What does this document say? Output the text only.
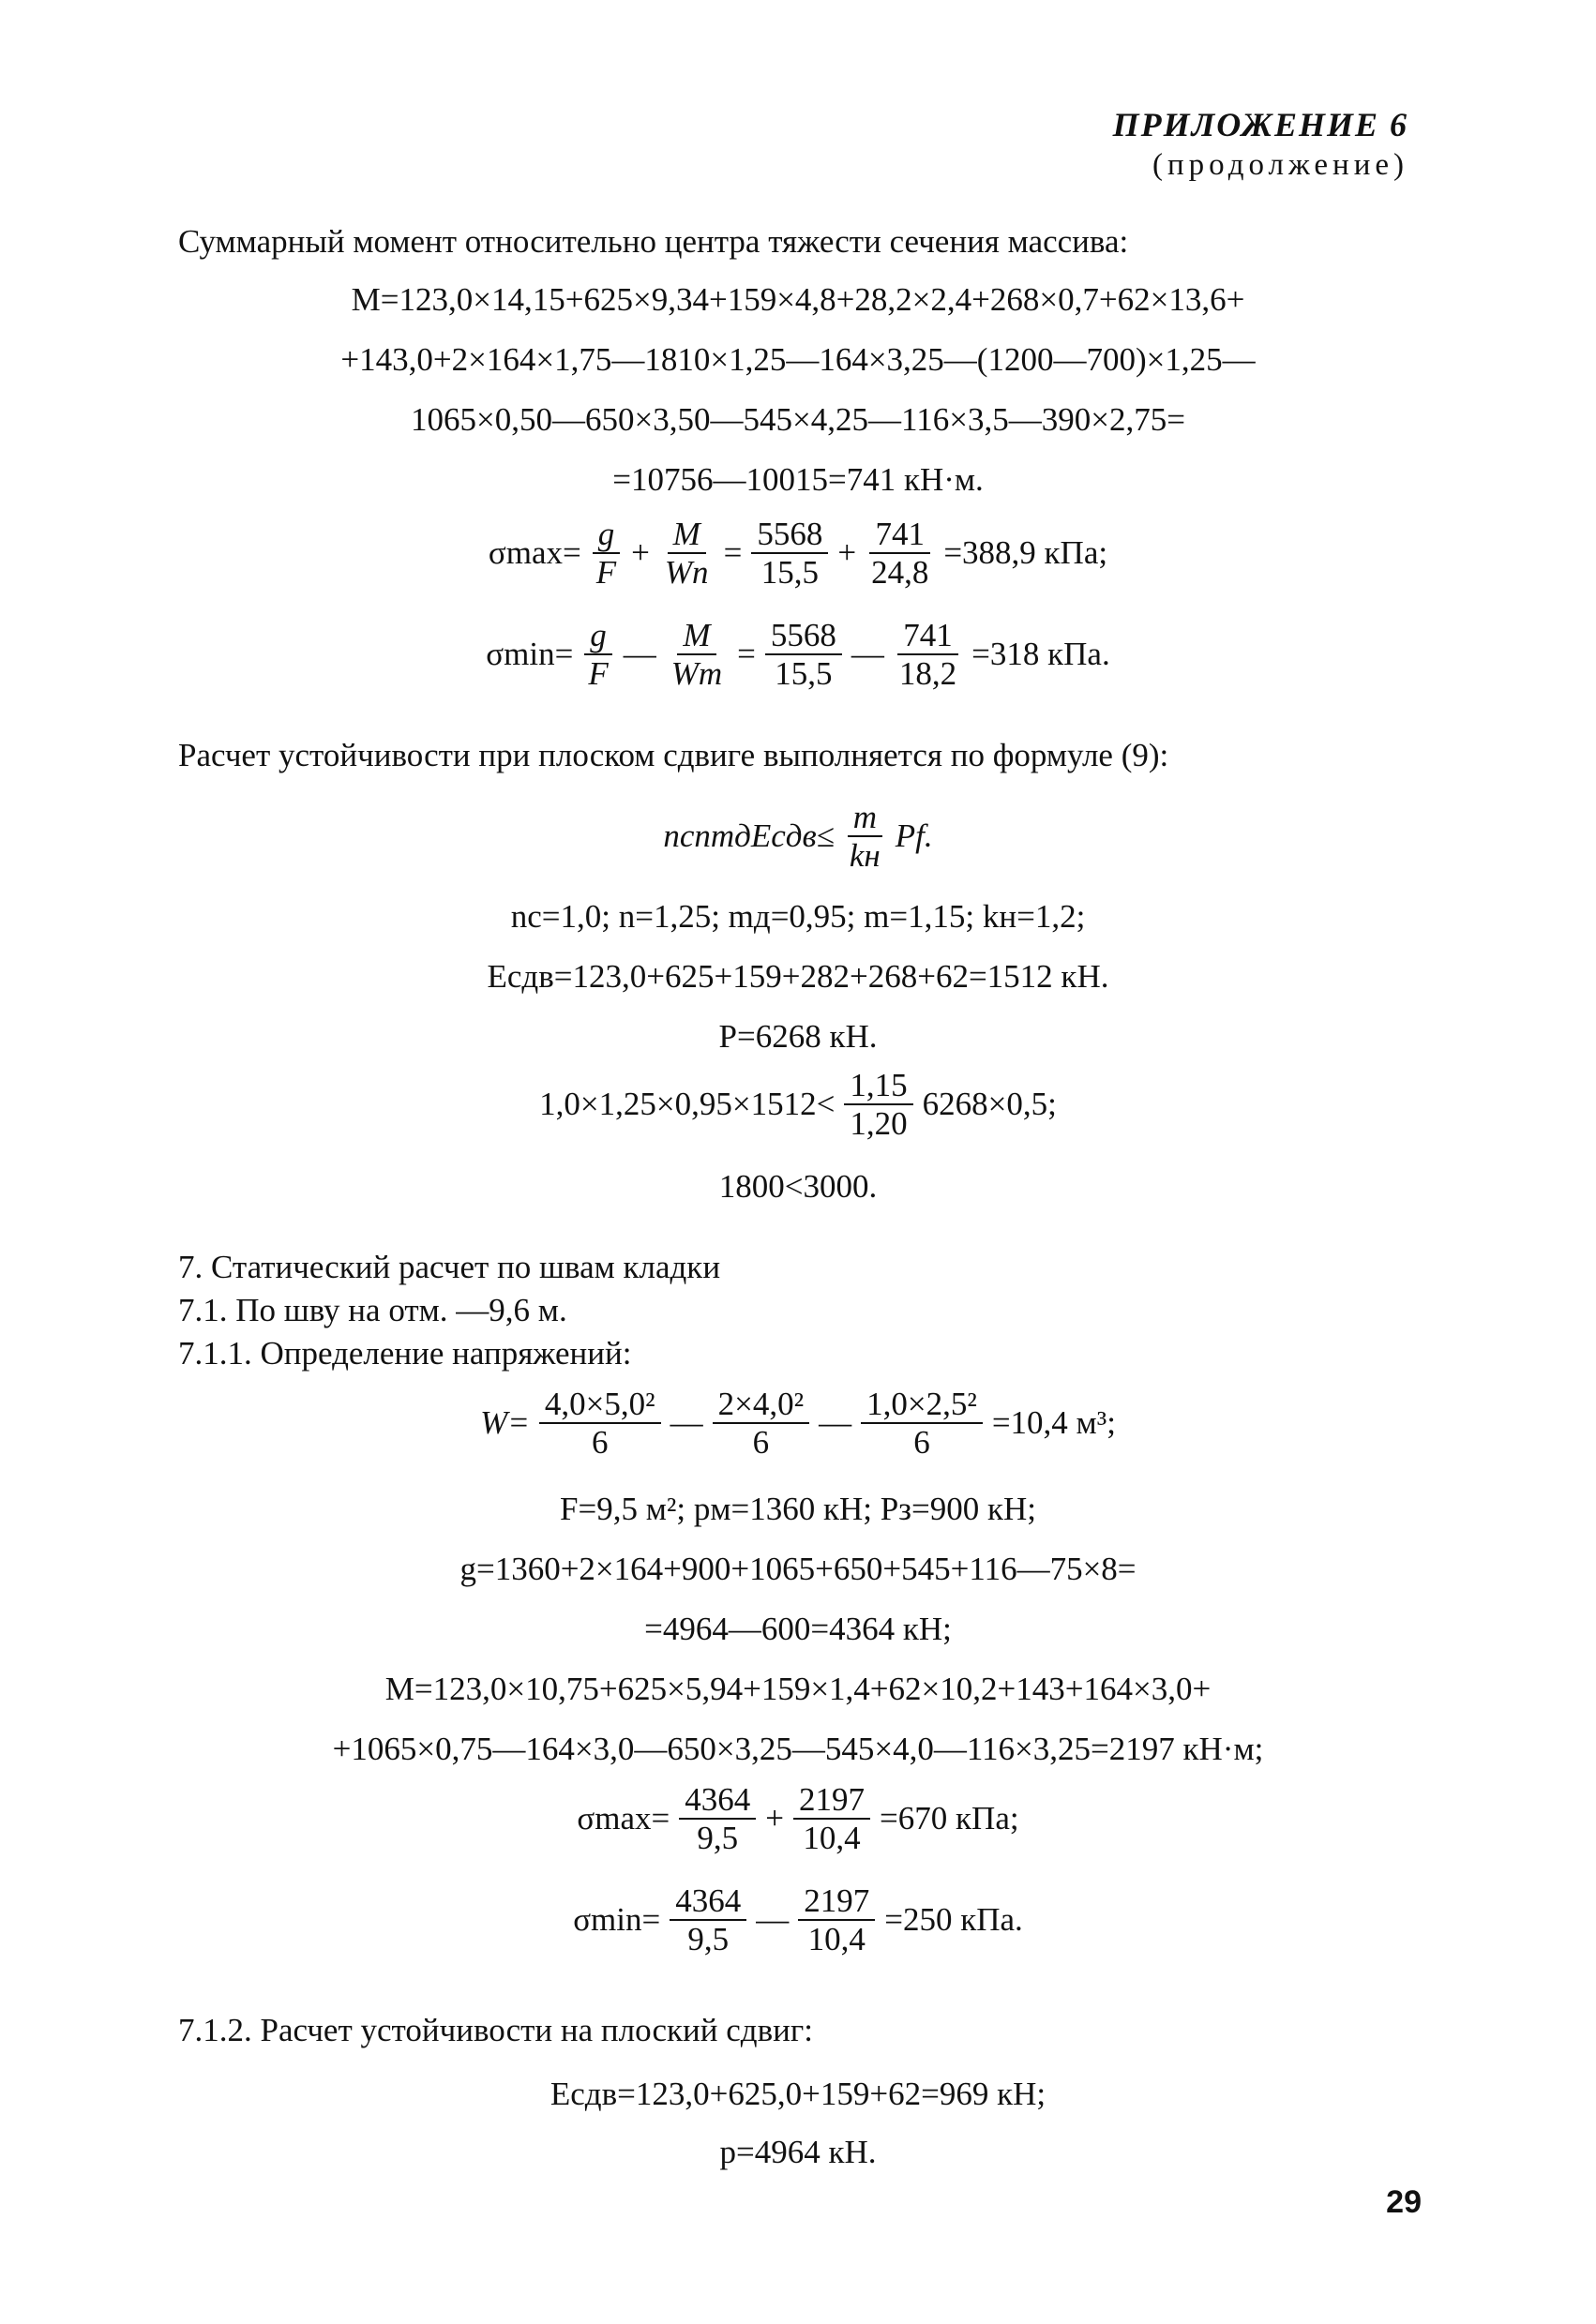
ПРИЛОЖЕНИЕ 6
(продолжение)
Суммарный момент относительно центра тяжести сечения массива:
M=123,0×14,15+625×9,34+159×4,8+28,2×2,4+268×0,7+62×13,6+
+143,0+2×164×1,75—1810×1,25—164×3,25—(1200—700)×1,25—
1065×0,50—650×3,50—545×4,25—116×3,5—390×2,75=
=10756—10015=741 кН·м.
$\sigma\max= \frac{g}{F} + \frac{M}{Wn} = \frac{5568}{15,5} + \frac{741}{24,8} =388,9$ кПа;
$\sigma\min= \frac{g}{F}$ — $\frac{M}{Wm} = \frac{5568}{15,5}$ — $\frac{741}{18,2} =318$ кПа.
Расчет устойчивости при плоском сдвиге выполняется по формуле (9):
ncnmдEсдв≤ $\frac{m}{kн} Pf$.
nc=1,0; n=1,25; mд=0,95; m=1,15; kн=1,2;
Eсдв=123,0+625+159+282+268+62=1512 кН.
P=6268 кН.
$1,0\times 1,25\times 0,95\times 1512< \frac{1,15}{1,20} 6268\times 0,5$;
1800<3000.
7. Статический расчет по швам кладки
7.1. По шву на отм. —9,6 м.
7.1.1. Определение напряжений:
$W= \frac{\text{4,0×5,0²}}{6}$ — $\frac{\text{2×4,0²}}{6}$ — $\frac{\text{1,0×2,5²}}{6} =10,4$ м³;
F=9,5 м²; pм=1360 кН; Pз=900 кН;
g=1360+2×164+900+1065+650+545+116—75×8=
=4964—600=4364 кН;
M=123,0×10,75+625×5,94+159×1,4+62×10,2+143+164×3,0+
+1065×0,75—164×3,0—650×3,25—545×4,0—116×3,25=2197 кН·м;
$\sigma\max= \frac{4364}{9,5} + \frac{2197}{10,4} =670$ кПа;
$\sigma\min= \frac{4364}{9,5}$ — $\frac{2197}{10,4} =250$ кПа.
7.1.2. Расчет устойчивости на плоский сдвиг:
Eсдв=123,0+625,0+159+62=969 кН;
p=4964 кН.
29
